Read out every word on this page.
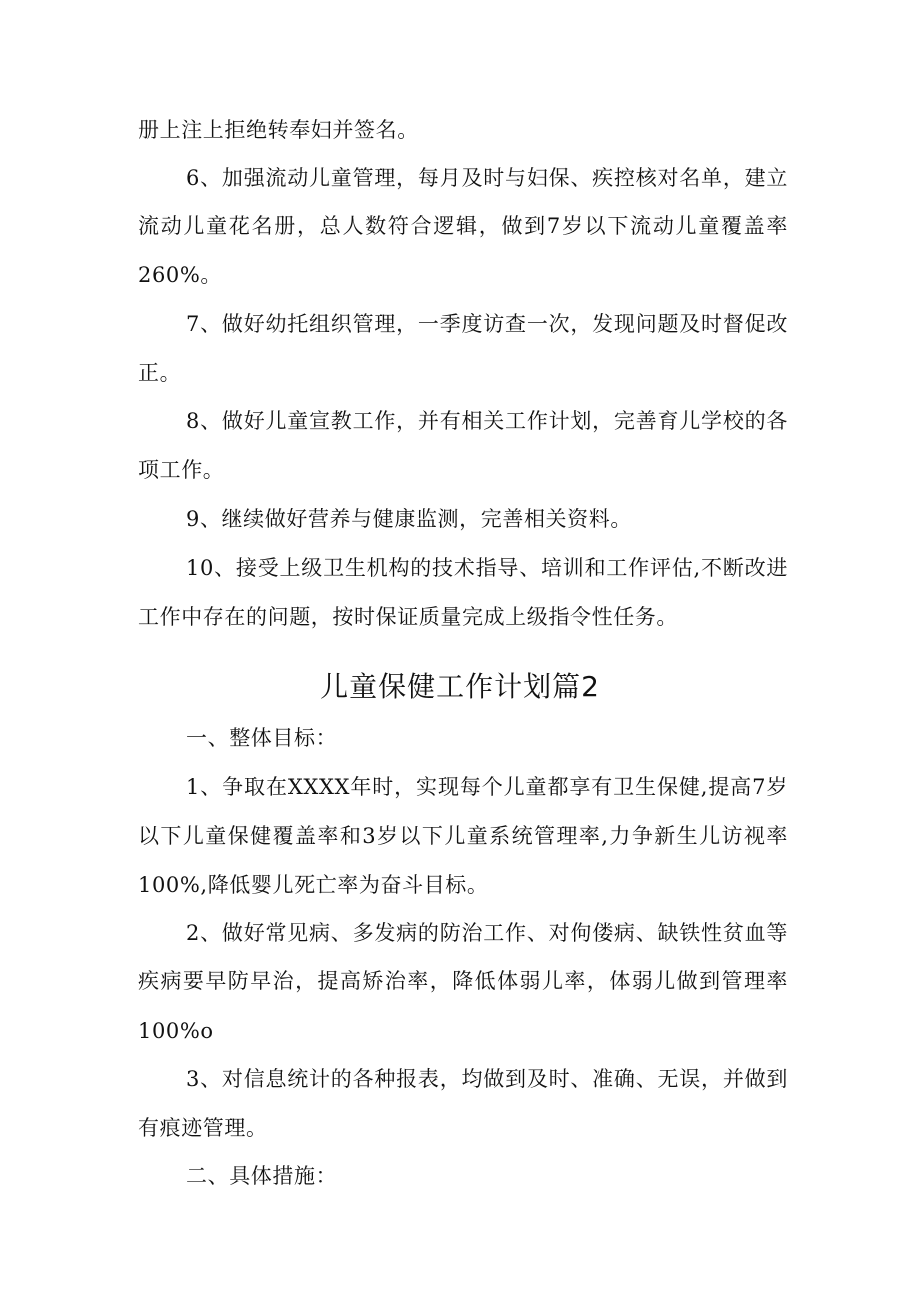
册上注上拒绝转奉妇并签名。
6、加强流动儿童管理，每月及时与妇保、疾控核对名单，建立
流动儿童花名册，总人数符合逻辑，做到7岁以下流动儿童覆盖率
260%。
7、做好幼托组织管理，一季度访查一次，发现问题及时督促改
正。
8、做好儿童宣教工作，并有相关工作计划，完善育儿学校的各
项工作。
9、继续做好营养与健康监测，完善相关资料。
10、接受上级卫生机构的技术指导、培训和工作评估,不断改进
工作中存在的问题，按时保证质量完成上级指令性任务。
儿童保健工作计划篇2
一、整体目标：
1、争取在XXXX年时，实现每个儿童都享有卫生保健,提高7岁
以下儿童保健覆盖率和3岁以下儿童系统管理率,力争新生儿访视率
100%,降低婴儿死亡率为奋斗目标。
2、做好常见病、多发病的防治工作、对佝偻病、缺铁性贫血等
疾病要早防早治，提高矫治率，降低体弱儿率，体弱儿做到管理率
100%o
3、对信息统计的各种报表，均做到及时、准确、无误，并做到
有痕迹管理。
二、具体措施：
